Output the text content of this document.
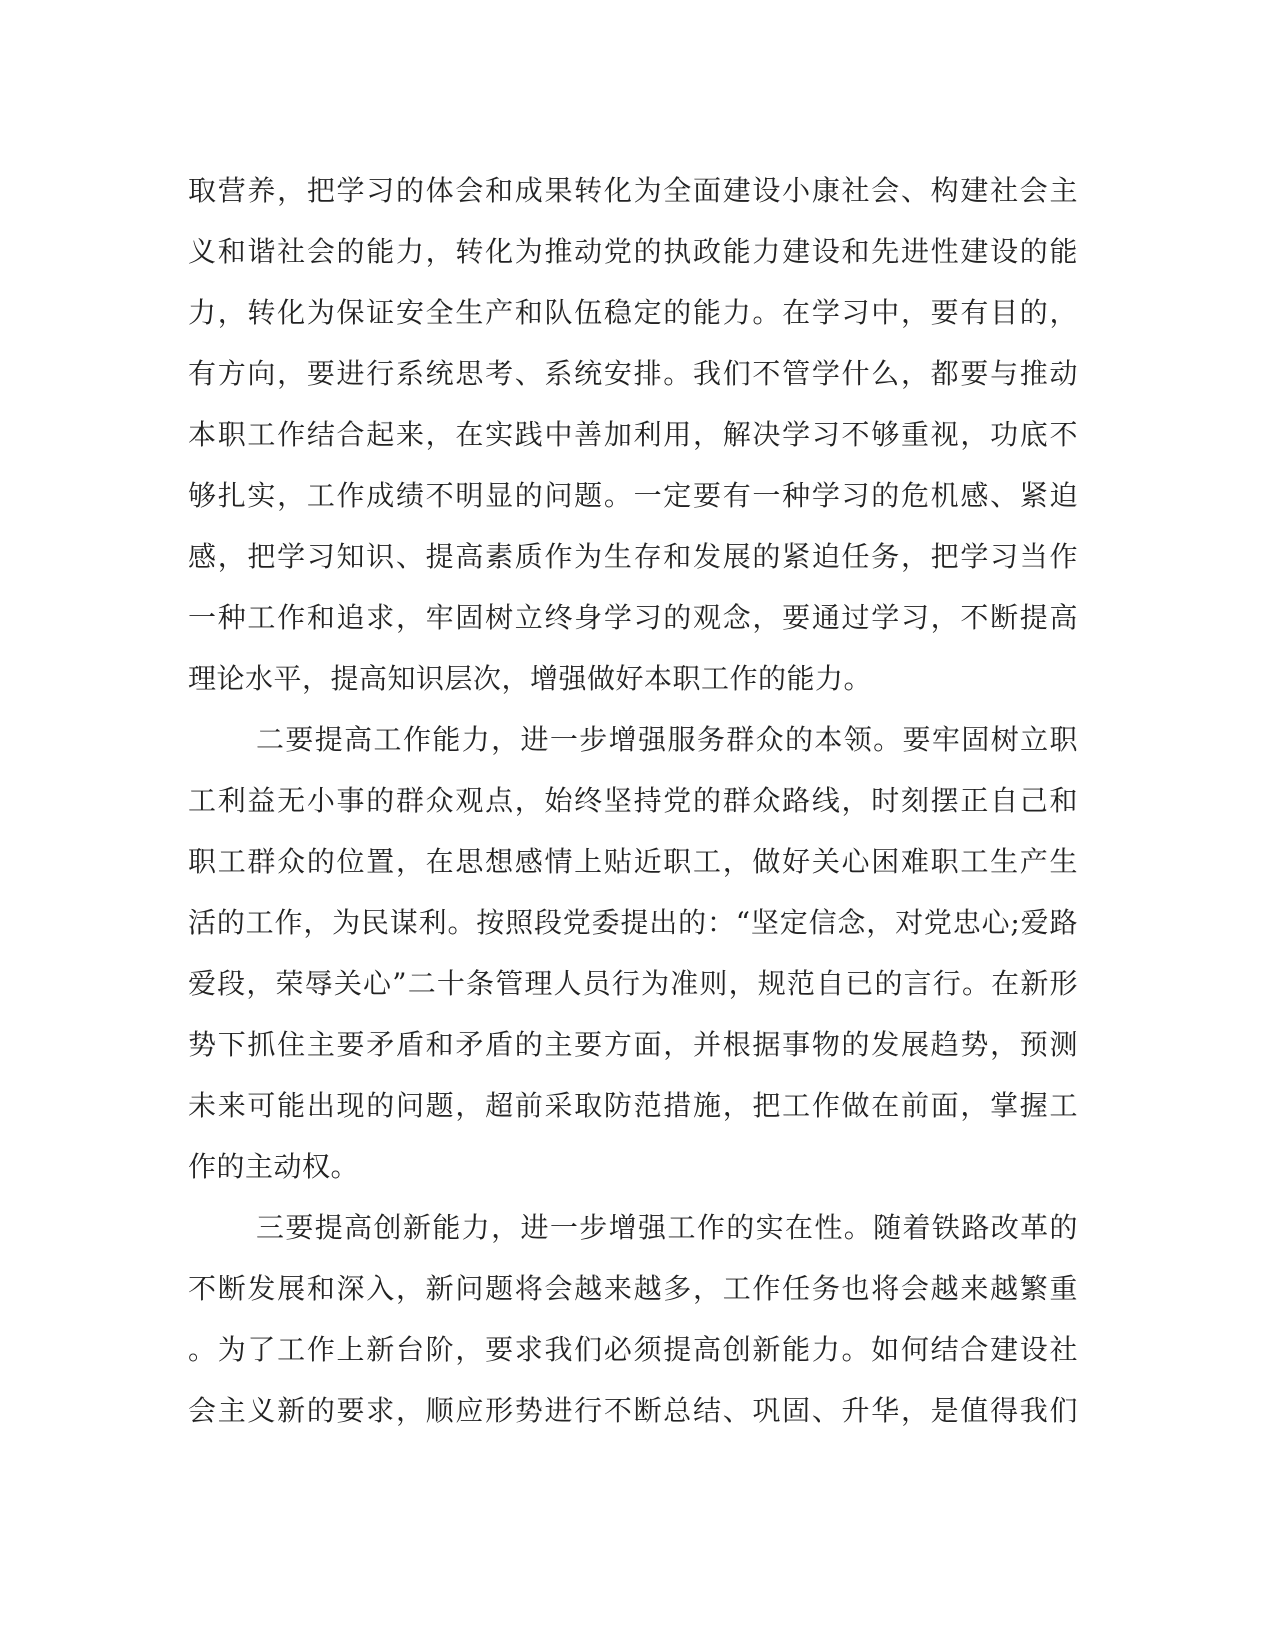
取营养，把学习的体会和成果转化为全面建设小康社会、构建社会主
义和谐社会的能力，转化为推动党的执政能力建设和先进性建设的能
力，转化为保证安全生产和队伍稳定的能力。在学习中，要有目的，
有方向，要进行系统思考、系统安排。我们不管学什么，都要与推动
本职工作结合起来，在实践中善加利用，解决学习不够重视，功底不
够扎实，工作成绩不明显的问题。一定要有一种学习的危机感、紧迫
感，把学习知识、提高素质作为生存和发展的紧迫任务，把学习当作
一种工作和追求，牢固树立终身学习的观念，要通过学习，不断提高
理论水平，提高知识层次，增强做好本职工作的能力。
二要提高工作能力，进一步增强服务群众的本领。要牢固树立职
工利益无小事的群众观点，始终坚持党的群众路线，时刻摆正自己和
职工群众的位置，在思想感情上贴近职工，做好关心困难职工生产生
活的工作，为民谋利。按照段党委提出的：“坚定信念，对党忠心;爱路
爱段，荣辱关心”二十条管理人员行为准则，规范自已的言行。在新形
势下抓住主要矛盾和矛盾的主要方面，并根据事物的发展趋势，预测
未来可能出现的问题，超前采取防范措施，把工作做在前面，掌握工
作的主动权。
三要提高创新能力，进一步增强工作的实在性。随着铁路改革的
不断发展和深入，新问题将会越来越多，工作任务也将会越来越繁重
。为了工作上新台阶，要求我们必须提高创新能力。如何结合建设社
会主义新的要求，顺应形势进行不断总结、巩固、升华，是值得我们
